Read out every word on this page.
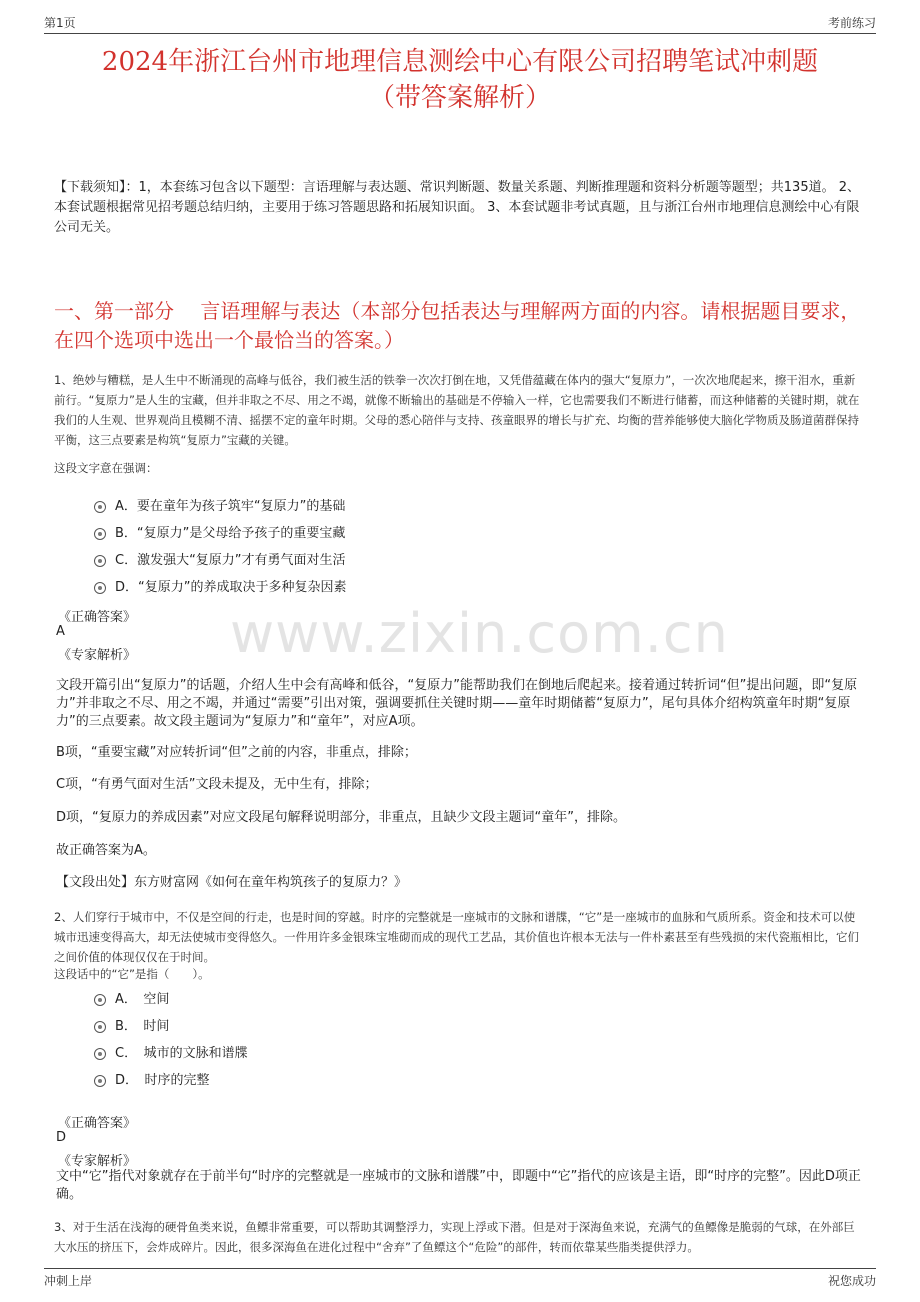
第1页	考前练习
2024年浙江台州市地理信息测绘中心有限公司招聘笔试冲刺题
（带答案解析）
【下载须知】：1，本套练习包含以下题型：言语理解与表达题、常识判断题、数量关系题、判断推理题和资料分析题等题型；共135道。 2、本套试题根据常见招考题总结归纳，主要用于练习答题思路和拓展知识面。 3、本套试题非考试真题，且与浙江台州市地理信息测绘中心有限公司无关。
一、第一部分　 言语理解与表达（本部分包括表达与理解两方面的内容。请根据题目要求，在四个选项中选出一个最恰当的答案。）
www.zixin.com.cn
1、绝妙与糟糕，是人生中不断涌现的高峰与低谷，我们被生活的铁拳一次次打倒在地，又凭借蕴藏在体内的强大“复原力”，一次次地爬起来，擦干泪水，重新前行。“复原力”是人生的宝藏，但并非取之不尽、用之不竭，就像不断输出的基础是不停输入一样，它也需要我们不断进行储蓄，而这种储蓄的关键时期，就在我们的人生观、世界观尚且模糊不清、摇摆不定的童年时期。父母的悉心陪伴与支持、孩童眼界的增长与扩充、均衡的营养能够使大脑化学物质及肠道菌群保持平衡，这三点要素是构筑“复原力”宝藏的关键。
这段文字意在强调：
A．要在童年为孩子筑牢“复原力”的基础
B．“复原力”是父母给予孩子的重要宝藏
C．激发强大“复原力”才有勇气面对生活
D．“复原力”的养成取决于多种复杂因素
《正确答案》
A
《专家解析》
文段开篇引出“复原力”的话题，介绍人生中会有高峰和低谷，“复原力”能帮助我们在倒地后爬起来。接着通过转折词“但”提出问题，即“复原力”并非取之不尽、用之不竭，并通过“需要”引出对策，强调要抓住关键时期——童年时期储蓄“复原力”，尾句具体介绍构筑童年时期“复原力”的三点要素。故文段主题词为“复原力”和“童年”，对应A项。
B项，“重要宝藏”对应转折词“但”之前的内容，非重点，排除；
C项，“有勇气面对生活”文段未提及，无中生有，排除；
D项，“复原力的养成因素”对应文段尾句解释说明部分，非重点，且缺少文段主题词“童年”，排除。
故正确答案为A。
【文段出处】东方财富网《如何在童年构筑孩子的复原力？》
2、人们穿行于城市中，不仅是空间的行走，也是时间的穿越。时序的完整就是一座城市的文脉和谱牒，“它”是一座城市的血脉和气质所系。资金和技术可以使城市迅速变得高大，却无法使城市变得悠久。一件用许多金银珠宝堆砌而成的现代工艺品，其价值也许根本无法与一件朴素甚至有些残损的宋代瓷瓶相比，它们之间价值的体现仅仅在于时间。
这段话中的“它”是指（　　）。
A．　空间
B．　时间
C．　城市的文脉和谱牒
D．　时序的完整
《正确答案》
D
《专家解析》
文中“它”指代对象就存在于前半句“时序的完整就是一座城市的文脉和谱牒”中，即题中“它”指代的应该是主语，即“时序的完整”。因此D项正确。
3、对于生活在浅海的硬骨鱼类来说，鱼鳔非常重要，可以帮助其调整浮力，实现上浮或下潜。但是对于深海鱼来说，充满气的鱼鳔像是脆弱的气球，在外部巨大水压的挤压下，会炸成碎片。因此，很多深海鱼在进化过程中“舍弃”了鱼鳔这个“危险”的部件，转而依靠某些脂类提供浮力。
冲刺上岸	祝您成功
